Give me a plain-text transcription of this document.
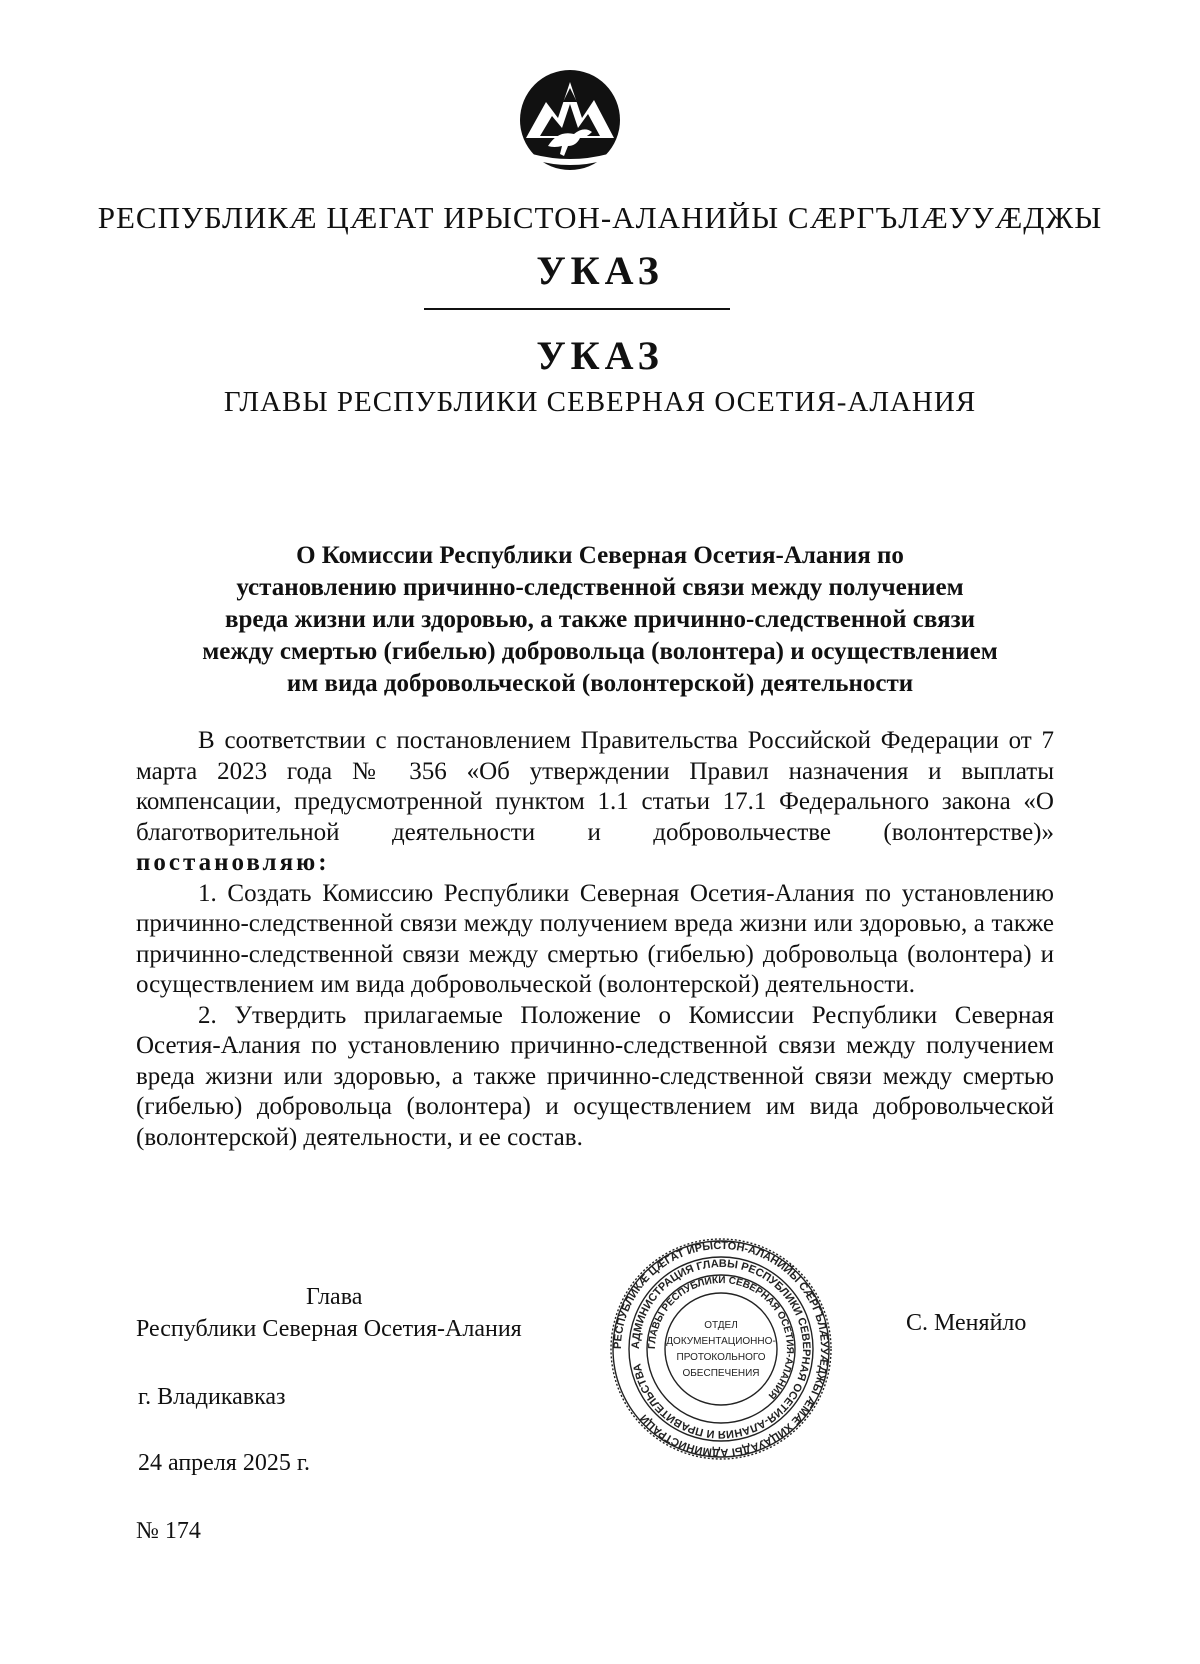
РЕСПУБЛИКÆ ЦÆГАТ ИРЫСТОН-АЛАНИЙЫ СÆРГЪЛÆУУÆДЖЫ
УКАЗ
УКАЗ
ГЛАВЫ РЕСПУБЛИКИ СЕВЕРНАЯ ОСЕТИЯ-АЛАНИЯ
О Комиссии Республики Северная Осетия-Алания по
установлению причинно-следственной связи между получением
вреда жизни или здоровью, а также причинно-следственной связи
между смертью (гибелью) добровольца (волонтера) и осуществлением
им вида добровольческой (волонтерской) деятельности

В соответствии с постановлением Правительства Российской Федерации от 7 марта 2023 года № 356 «Об утверждении Правил назначения и выплаты компенсации, предусмотренной пунктом 1.1 статьи 17.1 Федерального закона «О благотворительной деятельности и добровольчестве (волонтерстве)» постановляю:

1. Создать Комиссию Республики Северная Осетия-Алания по установлению причинно-следственной связи между получением вреда жизни или здоровью, а также причинно-следственной связи между смертью (гибелью) добровольца (волонтера) и осуществлением им вида добровольческой (волонтерской) деятельности.

2. Утвердить прилагаемые Положение о Комиссии Республики Северная Осетия-Алания по установлению причинно-следственной связи между получением вреда жизни или здоровью, а также причинно-следственной связи между смертью (гибелью) добровольца (волонтера) и осуществлением им вида добровольческой (волонтерской) деятельности, и ее состав.

Глава
Республики Северная Осетия-Алания	С. Меняйло
РЕСПУБЛИКÆ ЦÆГАТ ИРЫСТОН-АЛАНИЙЫ СÆРГЪЛÆУУÆДЖЫ ÆМÆ ХИЦАУАДЫ АДМИНИСТРАЦИ
АДМИНИСТРАЦИЯ ГЛАВЫ РЕСПУБЛИКИ СЕВЕРНАЯ ОСЕТИЯ-АЛАНИЯ И ПРАВИТЕЛЬСТВА
ГЛАВЫ РЕСПУБЛИКИ СЕВЕРНАЯ ОСЕТИЯ-АЛАНИЯ
ОТДЕЛ
ДОКУМЕНТАЦИОННО-
ПРОТОКОЛЬНОГО
ОБЕСПЕЧЕНИЯ
г. Владикавказ
24 апреля 2025 г.
№ 174
